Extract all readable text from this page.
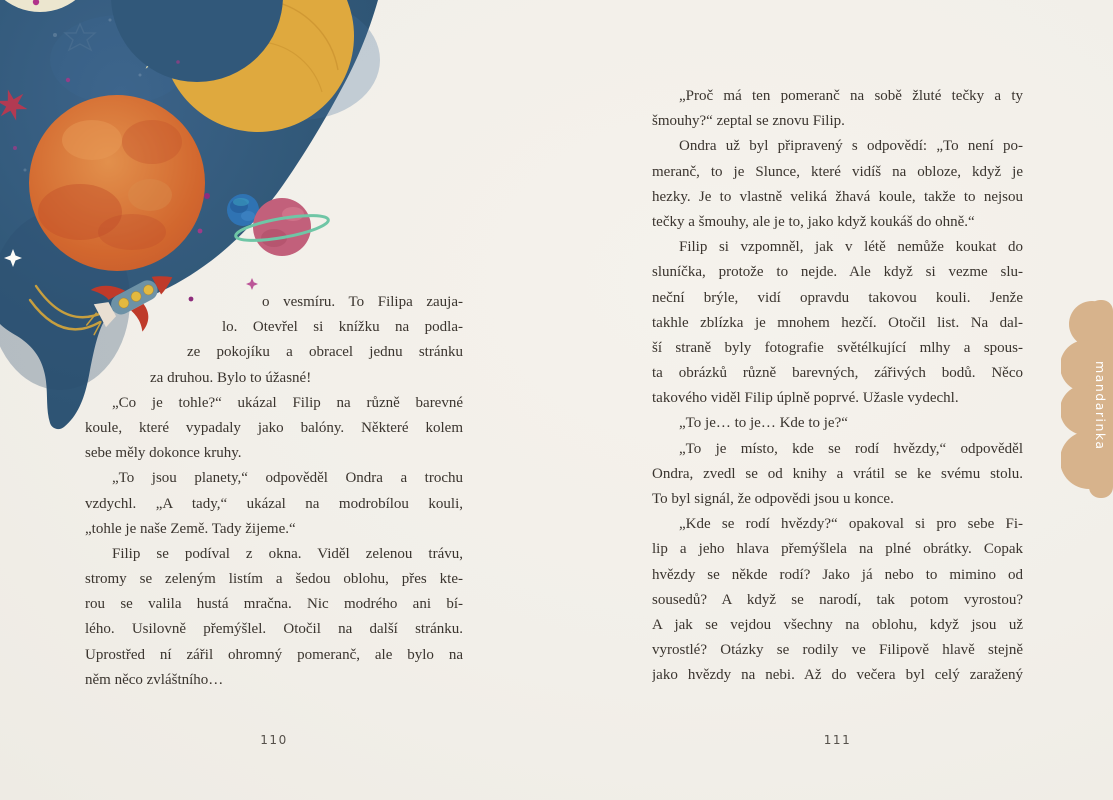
o vesmíru. To Filipa zauja-
lo. Otevřel si knížku na podla-
ze pokojíku a obracel jednu stránku
za druhou. Bylo to úžasné!
„Co je tohle?“ ukázal Filip na různě barevné
koule, které vypadaly jako balóny. Některé kolem
sebe měly dokonce kruhy.
„To jsou planety,“ odpověděl Ondra a trochu
vzdychl. „A tady,“ ukázal na modrobílou kouli,
„tohle je naše Země. Tady žijeme.“
Filip se podíval z okna. Viděl zelenou trávu,
stromy se zeleným listím a šedou oblohu, přes kte-
rou se valila hustá mračna. Nic modrého ani bí-
lého. Usilovně přemýšlel. Otočil na další stránku.
Uprostřed ní zářil ohromný pomeranč, ale bylo na
něm něco zvláštního…
110
„Proč má ten pomeranč na sobě žluté tečky a ty
šmouhy?“ zeptal se znovu Filip.
Ondra už byl připravený s odpovědí: „To není po-
meranč, to je Slunce, které vidíš na obloze, když je
hezky. Je to vlastně veliká žhavá koule, takže to nejsou
tečky a šmouhy, ale je to, jako když koukáš do ohně.“
Filip si vzpomněl, jak v létě nemůže koukat do
sluníčka, protože to nejde. Ale když si vezme slu-
neční brýle, vidí opravdu takovou kouli. Jenže
takhle zblízka je mnohem hezčí. Otočil list. Na dal-
ší straně byly fotografie světélkující mlhy a spous-
ta obrázků různě barevných, zářivých bodů. Něco
takového viděl Filip úplně poprvé. Užasle vydechl.
„To je… to je… Kde to je?“
„To je místo, kde se rodí hvězdy,“ odpověděl
Ondra, zvedl se od knihy a vrátil se ke svému stolu.
To byl signál, že odpovědi jsou u konce.
„Kde se rodí hvězdy?“ opakoval si pro sebe Fi-
lip a jeho hlava přemýšlela na plné obrátky. Copak
hvězdy se někde rodí? Jako já nebo to mimino od
sousedů? A když se narodí, tak potom vyrostou?
A jak se vejdou všechny na oblohu, když jsou už
vyrostlé? Otázky se rodily ve Filipově hlavě stejně
jako hvězdy na nebi. Až do večera byl celý zaražený
111
mandarinka
